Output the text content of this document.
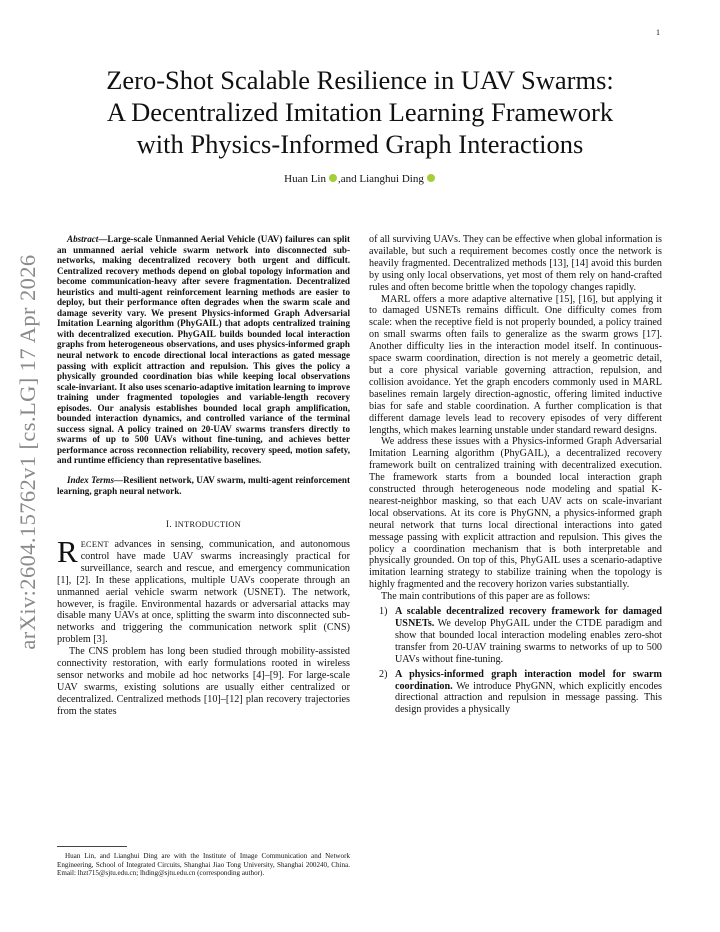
1
arXiv:2604.15762v1 [cs.LG] 17 Apr 2026
Zero-Shot Scalable Resilience in UAV Swarms:
A Decentralized Imitation Learning Framework
with Physics-Informed Graph Interactions
Huan Lin ,and Lianghui Ding
Abstract—Large-scale Unmanned Aerial Vehicle (UAV) failures can split an unmanned aerial vehicle swarm network into disconnected sub-networks, making decentralized recovery both urgent and difficult. Centralized recovery methods depend on global topology information and become communication-heavy after severe fragmentation. Decentralized heuristics and multi-agent reinforcement learning methods are easier to deploy, but their performance often degrades when the swarm scale and damage severity vary. We present Physics-informed Graph Adversarial Imitation Learning algorithm (PhyGAIL) that adopts centralized training with decentralized execution. PhyGAIL builds bounded local interaction graphs from heterogeneous observations, and uses physics-informed graph neural network to encode directional local interactions as gated message passing with explicit attraction and repulsion. This gives the policy a physically grounded coordination bias while keeping local observations scale-invariant. It also uses scenario-adaptive imitation learning to improve training under fragmented topologies and variable-length recovery episodes. Our analysis establishes bounded local graph amplification, bounded interaction dynamics, and controlled variance of the terminal success signal. A policy trained on 20-UAV swarms transfers directly to swarms of up to 500 UAVs without fine-tuning, and achieves better performance across reconnection reliability, recovery speed, motion safety, and runtime efficiency than representative baselines.
Index Terms—Resilient network, UAV swarm, multi-agent reinforcement learning, graph neural network.
I. INTRODUCTION

RECENT advances in sensing, communication, and autonomous control have made UAV swarms increasingly practical for surveillance, search and rescue, and emergency communication [1], [2]. In these applications, multiple UAVs cooperate through an unmanned aerial vehicle swarm network (USNET). The network, however, is fragile. Environmental hazards or adversarial attacks may disable many UAVs at once, splitting the swarm into disconnected sub-networks and triggering the communication network split (CNS) problem [3].

The CNS problem has long been studied through mobility-assisted connectivity restoration, with early formulations rooted in wireless sensor networks and mobile ad hoc networks [4]–[9]. For large-scale UAV swarms, existing solutions are usually either centralized or decentralized. Centralized methods [10]–[12] plan recovery trajectories from the states

Huan Lin, and Lianghui Ding are with the Institute of Image Communication and Network Engineering, School of Integrated Circuits, Shanghai Jiao Tong University, Shanghai 200240, China. Email: lhzt715@sjtu.edu.cn; lhding@sjtu.edu.cn (corresponding author).

of all surviving UAVs. They can be effective when global information is available, but such a requirement becomes costly once the network is heavily fragmented. Decentralized methods [13], [14] avoid this burden by using only local observations, yet most of them rely on hand-crafted rules and often become brittle when the topology changes rapidly.

MARL offers a more adaptive alternative [15], [16], but applying it to damaged USNETs remains difficult. One difficulty comes from scale: when the receptive field is not properly bounded, a policy trained on small swarms often fails to generalize as the swarm grows [17]. Another difficulty lies in the interaction model itself. In continuous-space swarm coordination, direction is not merely a geometric detail, but a core physical variable governing attraction, repulsion, and collision avoidance. Yet the graph encoders commonly used in MARL baselines remain largely direction-agnostic, offering limited inductive bias for safe and stable coordination. A further complication is that different damage levels lead to recovery episodes of very different lengths, which makes learning unstable under standard reward designs.

We address these issues with a Physics-informed Graph Adversarial Imitation Learning algorithm (PhyGAIL), a decentralized recovery framework built on centralized training with decentralized execution. The framework starts from a bounded local interaction graph constructed through heterogeneous node modeling and spatial K-nearest-neighbor masking, so that each UAV acts on scale-invariant local observations. At its core is PhyGNN, a physics-informed graph neural network that turns local directional interactions into gated message passing with explicit attraction and repulsion. This gives the policy a coordination mechanism that is both interpretable and physically grounded. On top of this, PhyGAIL uses a scenario-adaptive imitation learning strategy to stabilize training when the topology is highly fragmented and the recovery horizon varies substantially.

The main contributions of this paper are as follows:

1) A scalable decentralized recovery framework for damaged USNETs. We develop PhyGAIL under the CTDE paradigm and show that bounded local interaction modeling enables zero-shot transfer from 20-UAV training swarms to networks of up to 500 UAVs without fine-tuning.
2) A physics-informed graph interaction model for swarm coordination. We introduce PhyGNN, which explicitly encodes directional attraction and repulsion in message passing. This design provides a physically
